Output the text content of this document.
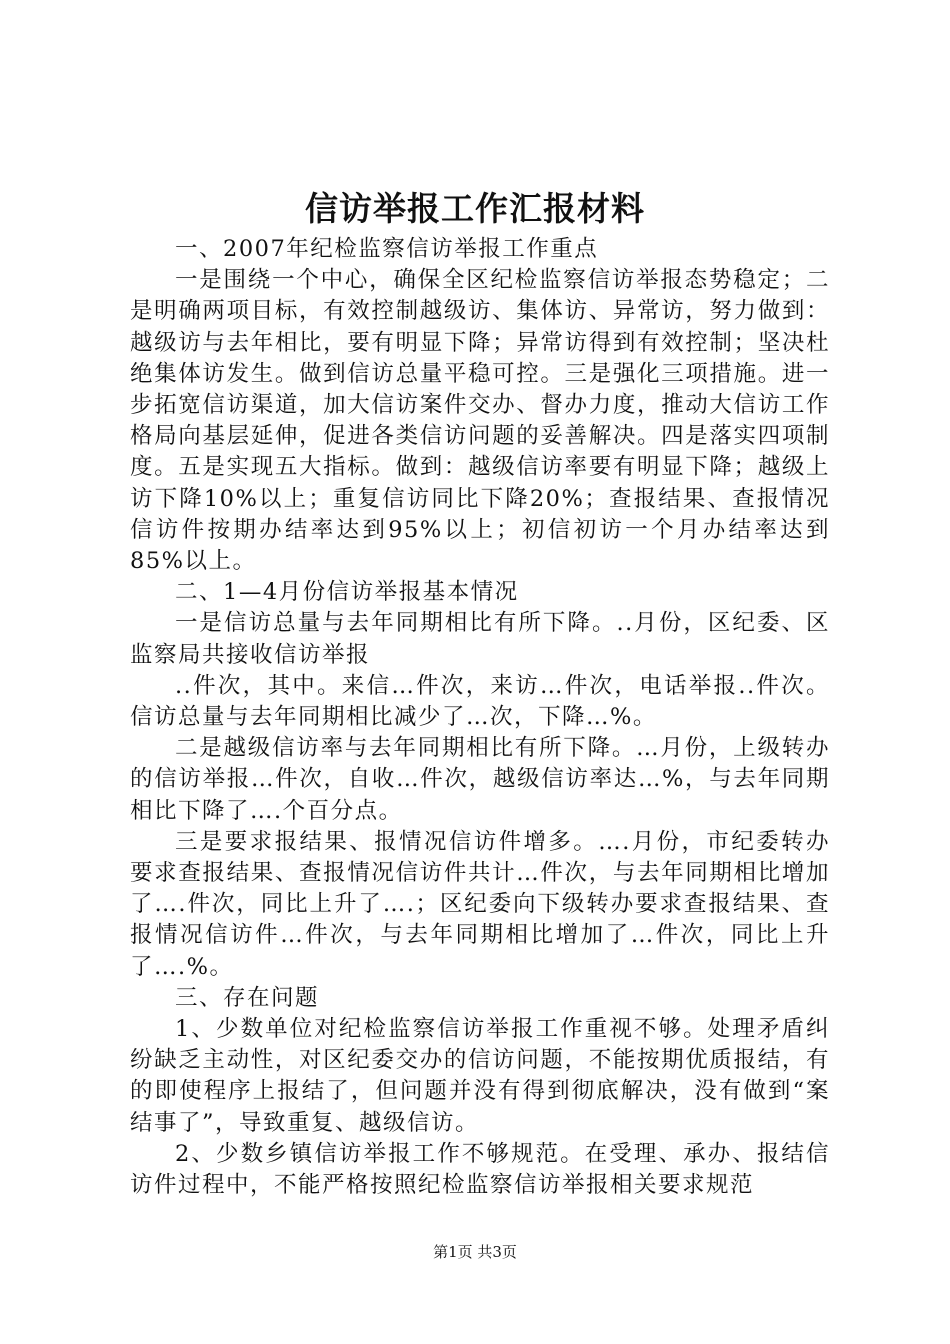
信访举报工作汇报材料

一、2007年纪检监察信访举报工作重点

一是围绕一个中心，确保全区纪检监察信访举报态势稳定；二是明确两项目标，有效控制越级访、集体访、异常访，努力做到：越级访与去年相比，要有明显下降；异常访得到有效控制；坚决杜绝集体访发生。做到信访总量平稳可控。三是强化三项措施。进一步拓宽信访渠道，加大信访案件交办、督办力度，推动大信访工作格局向基层延伸，促进各类信访问题的妥善解决。四是落实四项制度。五是实现五大指标。做到：越级信访率要有明显下降；越级上访下降10%以上；重复信访同比下降20%；查报结果、查报情况信访件按期办结率达到95%以上；初信初访一个月办结率达到85%以上。

二、1—4月份信访举报基本情况

一是信访总量与去年同期相比有所下降。..月份，区纪委、区监察局共接收信访举报

..件次，其中。来信…件次，来访…件次，电话举报..件次。信访总量与去年同期相比减少了…次，下降…%。

二是越级信访率与去年同期相比有所下降。…月份，上级转办的信访举报…件次，自收…件次，越级信访率达…%，与去年同期相比下降了….个百分点。

三是要求报结果、报情况信访件增多。….月份，市纪委转办要求查报结果、查报情况信访件共计…件次，与去年同期相比增加了….件次，同比上升了….；区纪委向下级转办要求查报结果、查报情况信访件…件次，与去年同期相比增加了…件次，同比上升了….%。

三、存在问题

1、少数单位对纪检监察信访举报工作重视不够。处理矛盾纠纷缺乏主动性，对区纪委交办的信访问题，不能按期优质报结，有的即使程序上报结了，但问题并没有得到彻底解决，没有做到“案结事了”，导致重复、越级信访。

2、少数乡镇信访举报工作不够规范。在受理、承办、报结信访件过程中，不能严格按照纪检监察信访举报相关要求规范

第1页 共3页
